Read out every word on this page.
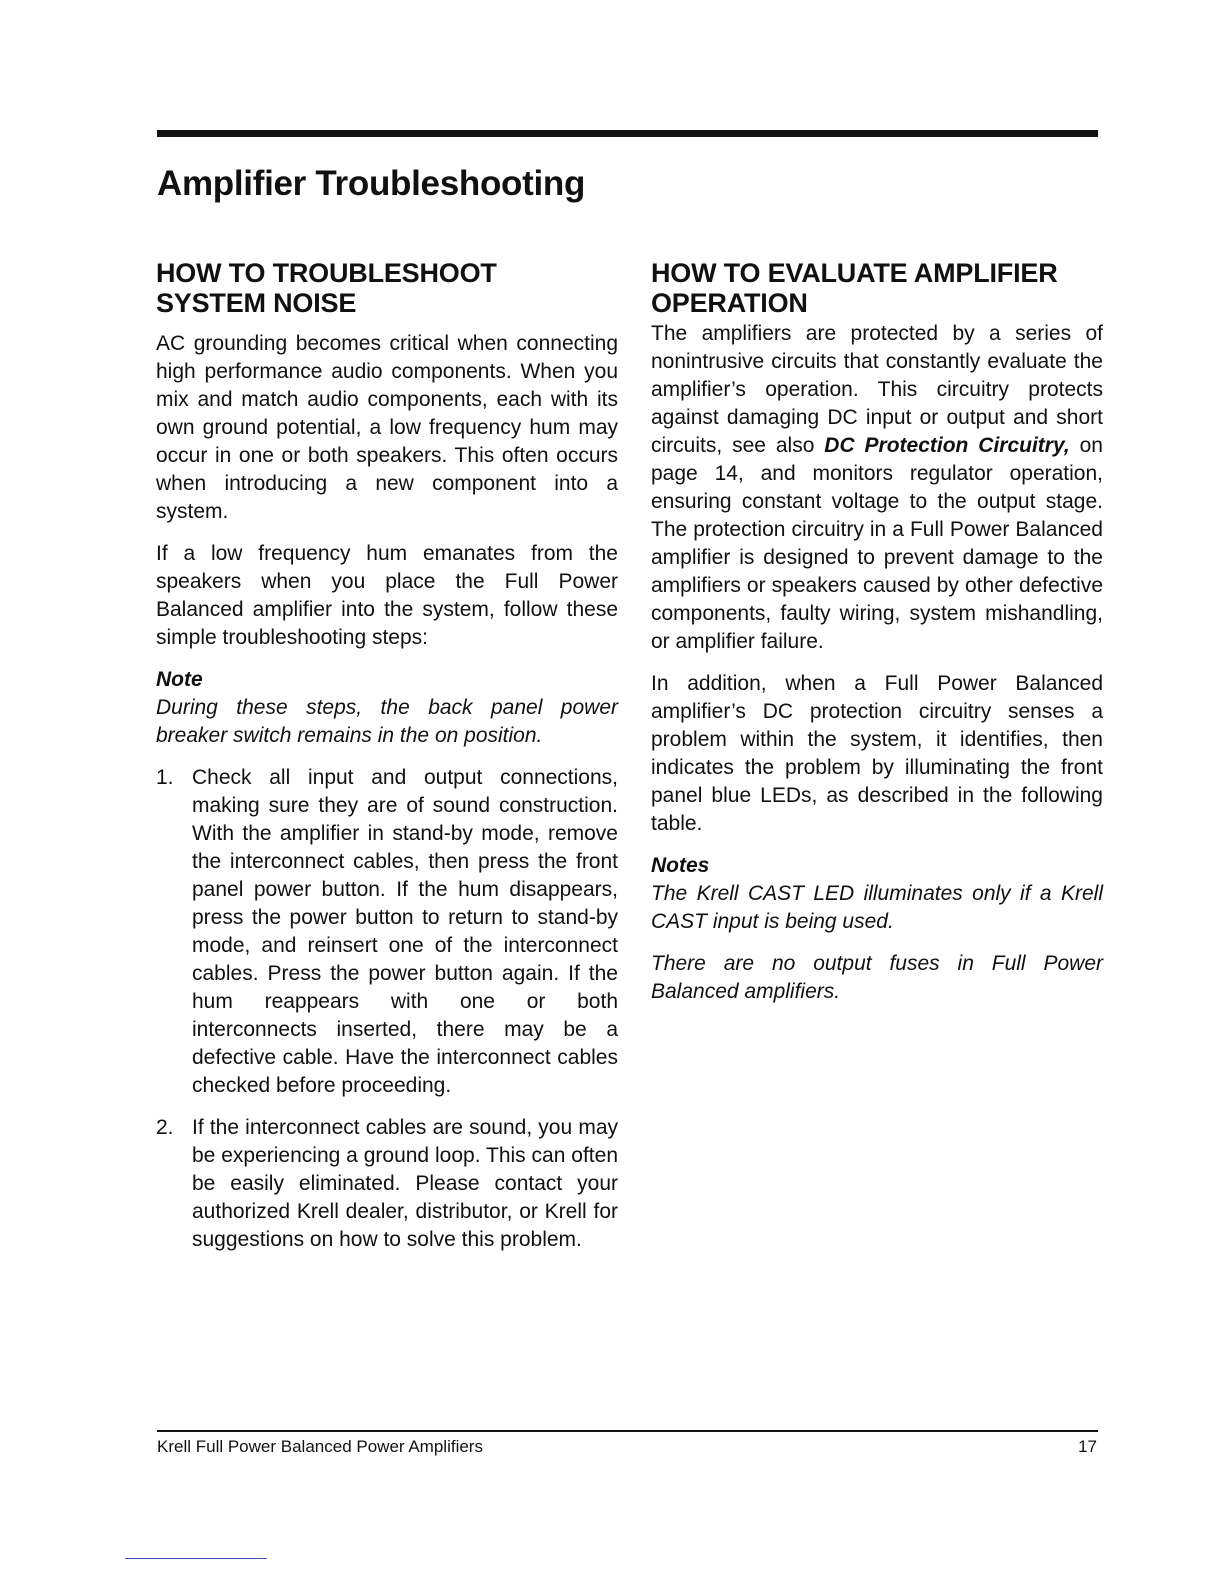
Amplifier Troubleshooting
HOW TO TROUBLESHOOT
SYSTEM NOISE

AC grounding becomes critical when connecting high performance audio components. When you mix and match audio components, each with its own ground potential, a low frequency hum may occur in one or both speakers. This often occurs when introducing a new component into a system.

If a low frequency hum emanates from the speakers when you place the Full Power Balanced amplifier into the system, follow these simple troubleshooting steps:

Note
During these steps, the back panel power breaker switch remains in the on position.
1. Check all input and output connections, making sure they are of sound construction. With the amplifier in stand-by mode, remove the interconnect cables, then press the front panel power button. If the hum disappears, press the power button to return to stand-by mode, and reinsert one of the interconnect cables. Press the power button again. If the hum reappears with one or both interconnects inserted, there may be a defective cable. Have the interconnect cables checked before proceeding.
2. If the interconnect cables are sound, you may be experiencing a ground loop. This can often be easily eliminated. Please contact your authorized Krell dealer, distributor, or Krell for suggestions on how to solve this problem.
HOW TO EVALUATE AMPLIFIER
OPERATION

The amplifiers are protected by a series of nonintrusive circuits that constantly evaluate the amplifier’s operation. This circuitry protects against damaging DC input or output and short circuits, see also DC Protection Circuitry, on page 14, and monitors regulator operation, ensuring constant voltage to the output stage. The protection circuitry in a Full Power Balanced amplifier is designed to prevent damage to the amplifiers or speakers caused by other defective components, faulty wiring, system mishandling, or amplifier failure.

In addition, when a Full Power Balanced amplifier’s DC protection circuitry senses a problem within the system, it identifies, then indicates the problem by illuminating the front panel blue LEDs, as described in the following table.

Notes
The Krell CAST LED illuminates only if a Krell CAST input is being used.
There are no output fuses in Full Power Balanced amplifiers.
Krell Full Power Balanced Power Amplifiers	17
